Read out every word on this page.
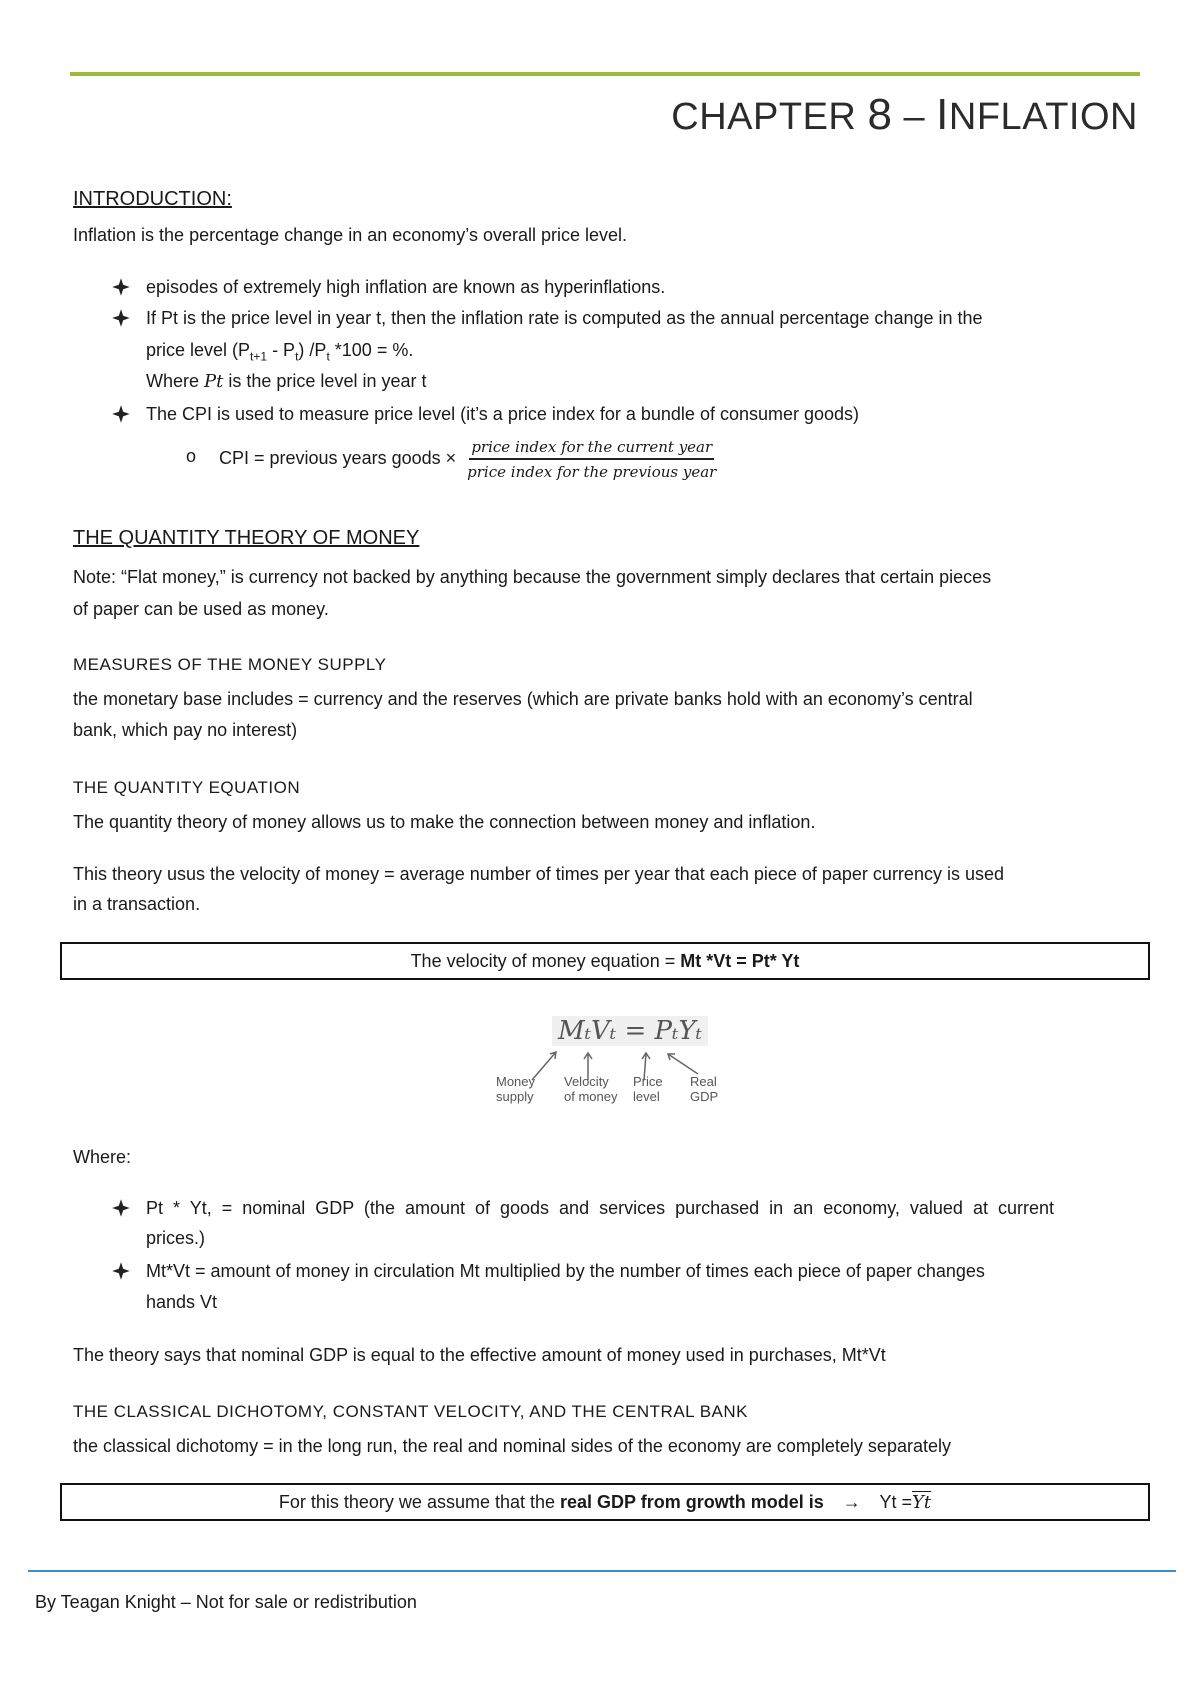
CHAPTER 8 – INFLATION
INTRODUCTION:
Inflation is the percentage change in an economy’s overall price level.
episodes of extremely high inflation are known as hyperinflations.
If Pt is the price level in year t, then the inflation rate is computed as the annual percentage change in the
price level $(P_{t+1} - P_t)$ $/P_t$ *100 = %.
Where Pt is the price level in year t
The CPI is used to measure price level (it’s a price index for a bundle of consumer goods)
o CPI = previous years goods × $\frac{\text{price index for the current year}}{\text{price index for the previous year}}$
THE QUANTITY THEORY OF MONEY
Note: “Flat money,” is currency not backed by anything because the government simply declares that certain pieces
of paper can be used as money.
MEASURES OF THE MONEY SUPPLY
the monetary base includes = currency and the reserves (which are private banks hold with an economy’s central
bank, which pay no interest)
THE QUANTITY EQUATION
The quantity theory of money allows us to make the connection between money and inflation.
This theory usus the velocity of money = average number of times per year that each piece of paper currency is used
in a transaction.
The velocity of money equation = Mt *Vt = Pt* Yt
MₜVₜ = PₜYₜ
Money
supply
Velocity
of money
Price
level
Real
GDP
Where:
Pt  *  Yt,  =  nominal  GDP  (the  amount  of  goods  and  services  purchased  in  an  economy,  valued  at  current
prices.)
Mt*Vt = amount of money in circulation Mt multiplied by the number of times each piece of paper changes
hands Vt
The theory says that nominal GDP is equal to the effective amount of money used in purchases, Mt*Vt
THE CLASSICAL DICHOTOMY, CONSTANT VELOCITY, AND THE CENTRAL BANK
the classical dichotomy = in the long run, the real and nominal sides of the economy are completely separately
For this theory we assume that the real GDP from growth model is → $Yt =\overline{Yt}$
By Teagan Knight – Not for sale or redistribution
